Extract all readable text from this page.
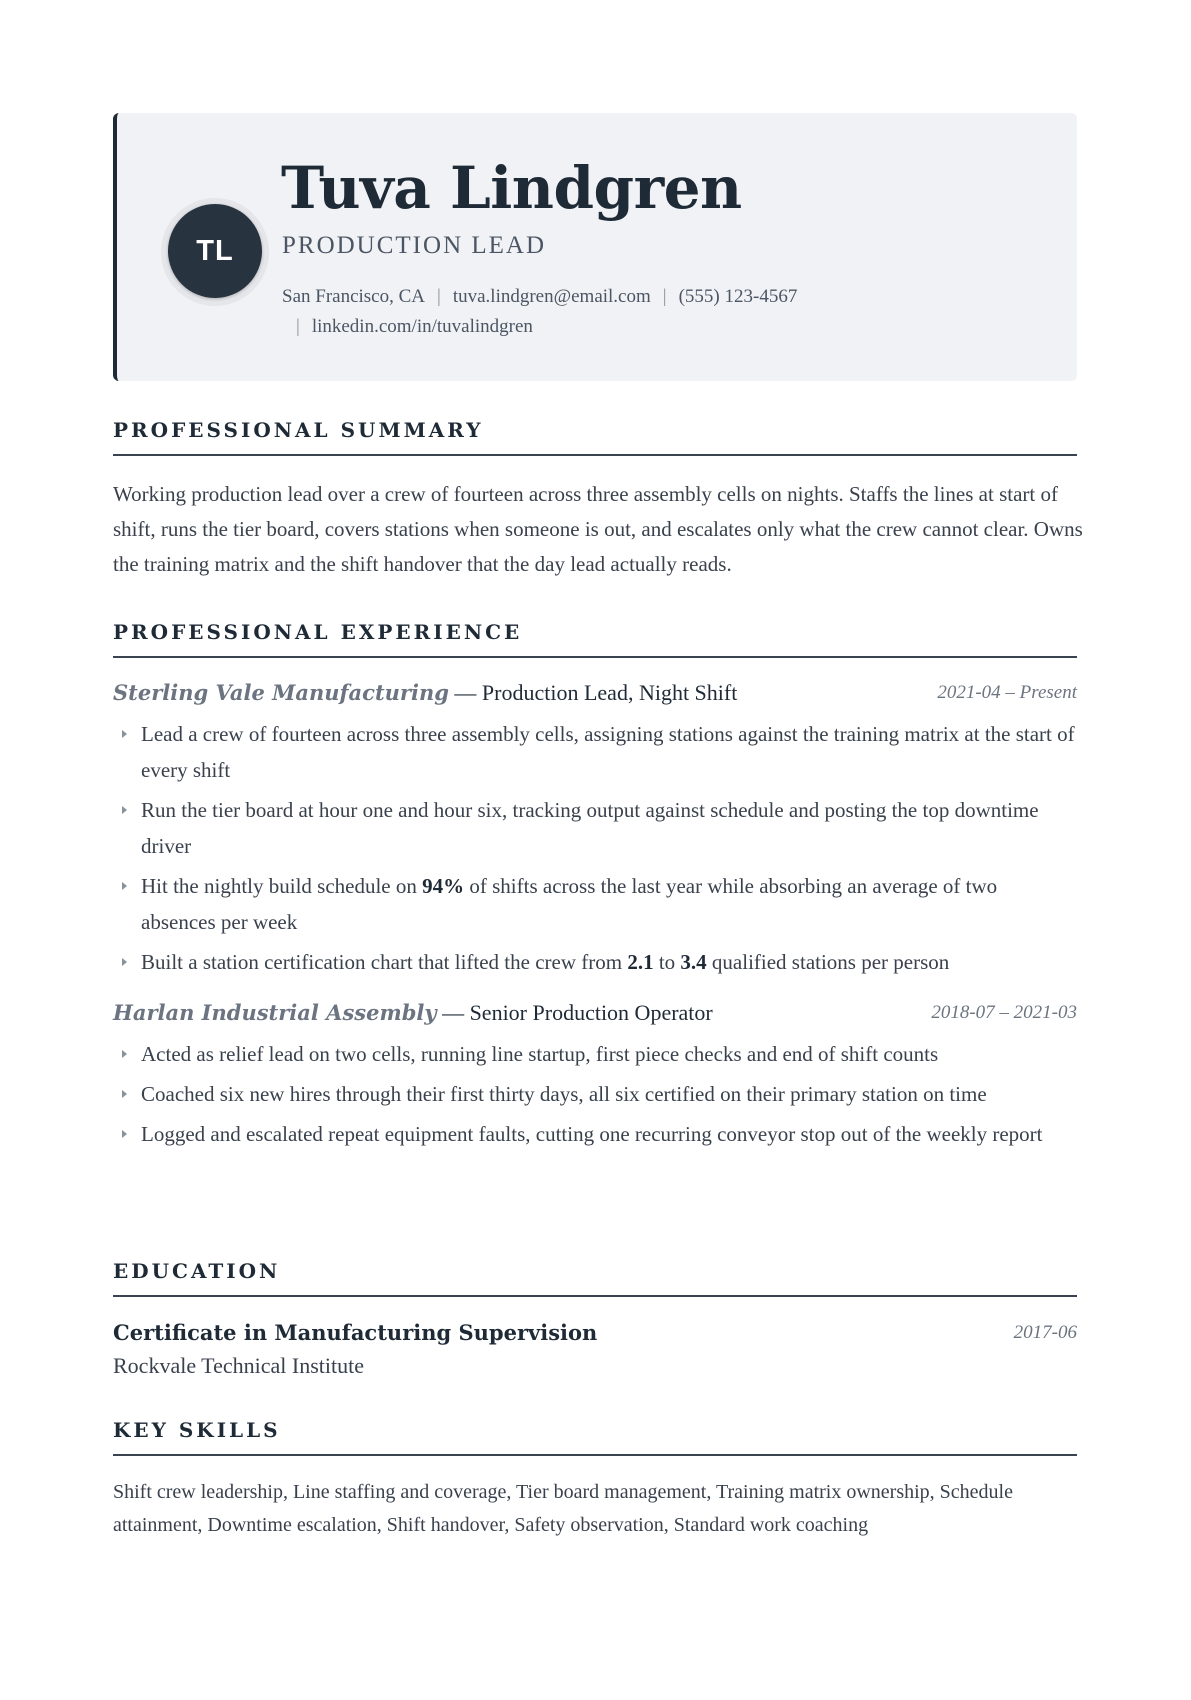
TL
Tuva Lindgren
PRODUCTION LEAD
San Francisco, CA | tuva.lindgren@email.com | (555) 123-4567
| linkedin.com/in/tuvalindgren
PROFESSIONAL SUMMARY

Working production lead over a crew of fourteen across three assembly cells on nights. Staffs the lines at start of shift, runs the tier board, covers stations when someone is out, and escalates only what the crew cannot clear. Owns the training matrix and the shift handover that the day lead actually reads.

PROFESSIONAL EXPERIENCE
Sterling Vale Manufacturing — Production Lead, Night Shift	2021-04 – Present
Lead a crew of fourteen across three assembly cells, assigning stations against the training matrix at the start of every shift
Run the tier board at hour one and hour six, tracking output against schedule and posting the top downtime driver
Hit the nightly build schedule on 94% of shifts across the last year while absorbing an average of two absences per week
Built a station certification chart that lifted the crew from 2.1 to 3.4 qualified stations per person
Harlan Industrial Assembly — Senior Production Operator	2018-07 – 2021-03
Acted as relief lead on two cells, running line startup, first piece checks and end of shift counts
Coached six new hires through their first thirty days, all six certified on their primary station on time
Logged and escalated repeat equipment faults, cutting one recurring conveyor stop out of the weekly report
EDUCATION
Certificate in Manufacturing Supervision	2017-06
Rockvale Technical Institute
KEY SKILLS

Shift crew leadership, Line staffing and coverage, Tier board management, Training matrix ownership, Schedule attainment, Downtime escalation, Shift handover, Safety observation, Standard work coaching
